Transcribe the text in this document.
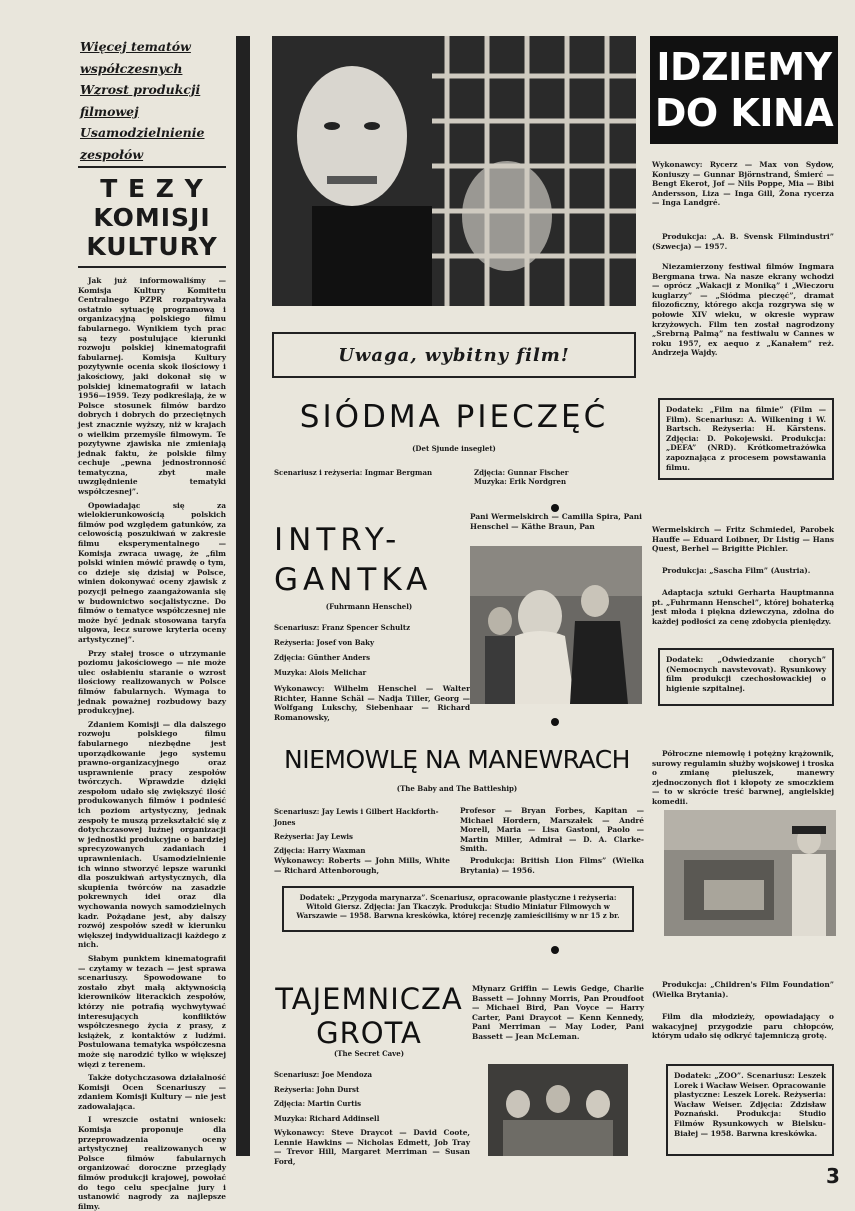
Więcej tematów
współczesnych
Wzrost produkcji
filmowej
Usamodzielnienie
zespołów
T E Z Y
KOMISJI
KULTURY

Jak już informowaliśmy — Komisja Kultury Komitetu Centralnego PZPR rozpatrywała ostatnio sytuację programową i organizacyjną polskiego filmu fabularnego. Wynikiem tych prac są tezy postulujące kierunki rozwoju polskiej kinematografii fabularnej. Komisja Kultury pozytywnie ocenia skok ilościowy i jakościowy, jaki dokonał się w polskiej kinematografii w latach 1956—1959. Tezy podkreślają, że w Polsce stosunek filmów bardzo dobrych i dobrych do przeciętnych jest znacznie wyższy, niż w krajach o wielkim przemyśle filmowym. Te pozytywne zjawiska nie zmieniają jednak faktu, że polskie filmy cechuje „pewna jednostronność tematyczna, zbyt małe uwzględnienie tematyki współczesnej”.

Opowiadając się za wielokierunkowością polskich filmów pod względem gatunków, za celowością poszukiwań w zakresie filmu eksperymentalnego — Komisja zwraca uwagę, że „film polski winien mówić prawdę o tym, co dzieje się dzisiaj w Polsce, winien dokonywać oceny zjawisk z pozycji pełnego zaangażowania się w budownictwo socjalistyczne. Do filmów o tematyce współczesnej nie może być jednak stosowana taryfa ulgowa, lecz surowe kryteria oceny artystycznej”.

Przy stałej trosce o utrzymanie poziomu jakościowego — nie może ulec osłabieniu staranie o wzrost ilościowy realizowanych w Polsce filmów fabularnych. Wymaga to jednak poważnej rozbudowy bazy produkcyjnej.

Zdaniem Komisji — dla dalszego rozwoju polskiego filmu fabularnego niezbędne jest uporządkowanie jego systemu prawno-organizacyjnego oraz usprawnienie pracy zespołów twórczych. Wprawdzie dzięki zespołom udało się zwiększyć ilość produkowanych filmów i podnieść ich poziom artystyczny, jednak zespoły te muszą przekształcić się z dotychczasowej luźnej organizacji w jednostki produkcyjne o bardziej sprecyzowanych zadaniach i uprawnieniach. Usamodzielnienie ich winno stworzyć lepsze warunki dla poszukiwań artystycznych, dla skupienia twórców na zasadzie pokrewnych idei oraz dla wychowania nowych samodzielnych kadr. Pożądane jest, aby dalszy rozwój zespołów szedł w kierunku większej indywidualizacji każdego z nich.

Słabym punktem kinematografii — czytamy w tezach — jest sprawa scenariuszy. Spowodowane to zostało zbyt małą aktywnością kierowników literackich zespołów, którzy nie potrafią wychwytywać interesujących konfliktów współczesnego życia z prasy, z książek, z kontaktów z ludźmi. Postulowana tematyka współczesna może się narodzić tylko w większej więzi z terenem.

Także dotychczasowa działalność Komisji Ocen Scenariuszy — zdaniem Komisji Kultury — nie jest zadowalająca.

I wreszcie ostatni wniosek: Komisja proponuje dla przeprowadzenia oceny artystycznej realizowanych w Polsce filmów fabularnych organizować doroczne przeglądy filmów produkcji krajowej, powołać do tego celu specjalne jury i ustanowić nagrody za najlepsze filmy.

IDZIEMY
DO KINA
Wykonawcy: Rycerz — Max von Sydow, Koniuszy — Gunnar Björnstrand, Śmierć — Bengt Ekerot, Jof — Nils Poppe, Mia — Bibi Andersson, Liza — Inga Gill, Żona rycerza — Inga Landgré.
Produkcja: „A. B. Svensk Filmindustri” (Szwecja) — 1957.
Niezamierzony festiwal filmów Ingmara Bergmana trwa. Na nasze ekrany wchodzi — oprócz „Wakacji z Moniką” i „Wieczoru kuglarzy” — „Siódma pieczęć”, dramat filozoficzny, którego akcja rozgrywa się w połowie XIV wieku, w okresie wypraw krzyżowych. Film ten został nagrodzony „Srebrną Palmą” na festiwalu w Cannes w roku 1957, ex aequo z „Kanałem” reż. Andrzeja Wajdy.
Dodatek: „Film na filmie” (Film — Film). Scenariusz: A. Wilkening i W. Bartsch. Reżyseria: H. Kärstens. Zdjęcia: D. Pokojewski. Produkcja: „DEFA” (NRD). Krótkometrażówka zapoznająca z procesem powstawania filmu.
Uwaga, wybitny film!
SIÓDMA PIECZĘĆ
(Det Sjunde inseglet)
Scenariusz i reżyseria: Ingmar Bergman	Zdjęcia: Gunnar Fischer
Muzyka: Erik Nordgren
INTRY-
GANTKA
(Fuhrmann Henschel)
Scenariusz: Franz Spencer Schultz
Reżyseria: Josef von Baky
Zdjęcia: Günther Anders
Muzyka: Alois Melichar
Wykonawcy: Wilhelm Henschel — Walter Richter, Hanne Schäl — Nadja Tiller, Georg — Wolfgang Lukschy, Siebenhaar — Richard Romanowsky,
Pani Wermelskirch — Camilla Spira, Pani Henschel — Käthe Braun, Pan	Wermelskirch — Fritz Schmiedel, Parobek Hauffe — Eduard Loibner, Dr Listig — Hans Quest, Berhel — Brigitte Pichler.
Produkcja: „Sascha Film” (Austria).
Adaptacja sztuki Gerharta Hauptmanna pt. „Fuhrmann Henschel”, której bohaterką jest młoda i piękna dziewczyna, zdolna do każdej podłości za cenę zdobycia pieniędzy.
Dodatek: „Odwiedzanie chorych” (Nemocnych navstevovat). Rysunkowy film produkcji czechosłowackiej o higienie szpitalnej.
NIEMOWLĘ NA MANEWRACH
(The Baby and The Battleship)
Scenariusz: Jay Lewis i Gilbert Hackforth-Jones
Reżyseria: Jay Lewis
Zdjęcia: Harry Waxman
Wykonawcy: Roberts — John Mills, White — Richard Attenborough,
Profesor — Bryan Forbes, Kapitan — Michael Hordern, Marszałek — André Morell, Maria — Lisa Gastoni, Paolo — Martin Miller, Admirał — D. A. Clarke-Smith.
Produkcja: British Lion Films” (Wielka Brytania) — 1956.
Dodatek: „Przygoda marynarza”. Scenariusz, opracowanie plastyczne i reżyseria: Witold Giersz. Zdjęcia: Jan Tkaczyk. Produkcja: Studio Miniatur Filmowych w Warszawie — 1958. Barwna kreskówka, której recenzję zamieściliśmy w nr 15 z br.
Półroczne niemowlę i potężny krążownik, surowy regulamin służby wojskowej i troska o zmianę pieluszek, manewry zjednoczonych flot i kłopoty ze smoczkiem — to w skrócie treść barwnej, angielskiej komedii.
TAJEMNICZA
GROTA
(The Secret Cave)
Scenariusz: Joe Mendoza
Reżyseria: John Durst
Zdjęcia: Martin Curtis
Muzyka: Richard Addinsell
Wykonawcy: Steve Draycot — David Coote, Lennie Hawkins — Nicholas Edmett, Job Tray — Trevor Hill, Margaret Merriman — Susan Ford,
Młynarz Griffin — Lewis Gedge, Charlie Bassett — Johnny Morris, Pan Proudfoot — Michael Bird, Pan Voyce — Harry Carter, Pani Draycot — Kenn Kennedy, Pani Merriman — May Loder, Pani Bassett — Jean McLeman.
Produkcja: „Children's Film Foundation” (Wielka Brytania).
Film dla młodzieży, opowiadający o wakacyjnej przygodzie paru chłopców, którym udało się odkryć tajemniczą grotę.
Dodatek: „ZOO”. Scenariusz: Leszek Lorek i Wacław Weiser. Opracowanie plastyczne: Leszek Lorek. Reżyseria: Wacław Weiser. Zdjęcia: Zdzisław Poznański. Produkcja: Studio Filmów Rysunkowych w Bielsku-Białej — 1958. Barwna kreskówka.
3
